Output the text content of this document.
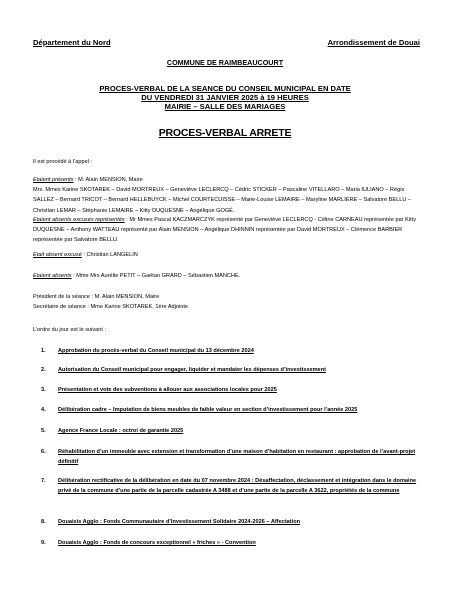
Département du Nord	Arrondissement de Douai
COMMUNE DE RAIMBEAUCOURT
PROCES-VERBAL DE LA SEANCE DU CONSEIL MUNICIPAL EN DATE
DU VENDREDI 31 JANVIER 2025 à 19 HEURES
MAIRIE – SALLE DES MARIAGES
PROCES-VERBAL ARRETE
Il est procédé à l’appel :
Etaient présents : M. Alain MENSION, Maire
Mrs. Mmes Karine SKOTAREK – David MORTREUX – Geneviève LECLERCQ – Cédric STICKER – Pascaline VITELLARO – Maria IULIANO – Régis SALLEZ – Bernard TRICOT – Bernard HELLEBUYCK – Michel COURTECUISSE – Marie-Louise LEMAIRE – Maryline MARLIERE – Salvatore BELLU – Christian LEMAR – Stéphanie LEMAIRE – Kitty DUQUESNE – Angélique GOGÉ.
Etaient absents excusés représentés : Mr Mmes Pascal KACZMARCZYK représenté par Geneviève LECLERCQ - Céline CARNEAU représentée par Kitty DUQUESNE – Anthony WATTEAU représenté par Alain MENSION – Angélique DHINNIN représentée par David MORTREUX – Clémence BARBIER représentée par Salvatore BELLU.
Etait absent excusé : Christian LANGELIN
Etaient absents : Mme Mrs Aurélie PETIT – Gaëtan GRARD – Sébastien MANCHE.
Président de la séance : M. Alain MENSION, Maire
Secrétaire de séance : Mme Karine SKOTAREK, 1ère Adjointe
L’ordre du jour est le suivant :
1. Approbation du procès-verbal du Conseil municipal du 13 décembre 2024
2. Autorisation du Conseil municipal pour engager, liquider et mandater les dépenses d’investissement
3. Présentation et vote des subventions à allouer aux associations locales pour 2025
4. Délibération cadre – Imputation de biens meubles de faible valeur en section d’investissement pour l’année 2025
5. Agence France Locale : octroi de garantie 2025
6. Réhabilitation d’un immeuble avec extension et transformation d’une maison d’habitation en restaurant : approbation de l’avant-projet définitif
7. Délibération rectificative de la délibération en date du 07 novembre 2024 : Désaffectation, déclassement et intégration dans le domaine privé de la commune d’une partie de la parcelle cadastrée A 3488 et d’une partie de la parcelle A 3622, propriétés de la commune
8. Douaisis Agglo : Fonds Communautaire d’Investissement Solidaire 2024-2026 – Affectation
9. Douaisis Agglo : Fonds de concours exceptionnel « friches » - Convention
